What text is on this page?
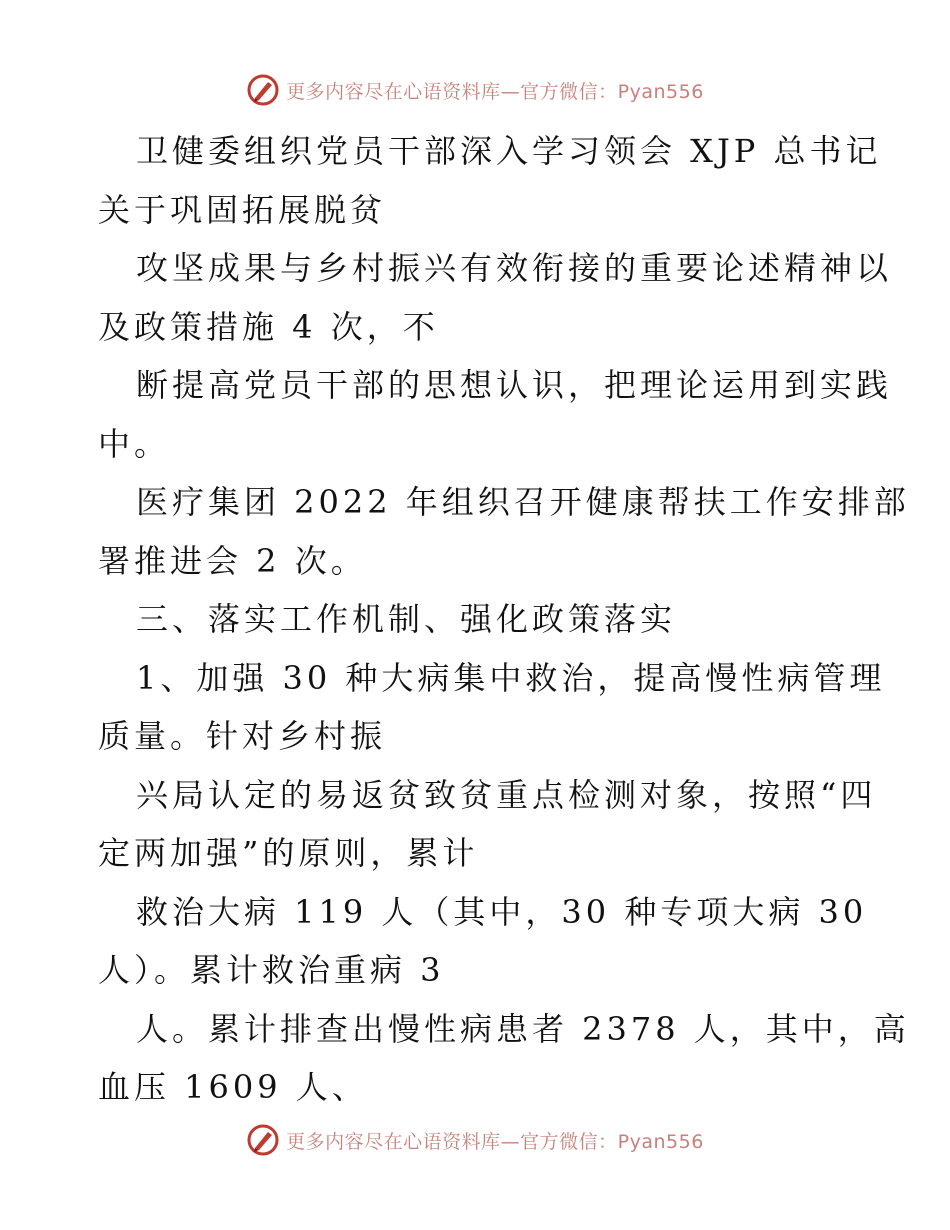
更多内容尽在心语资料库—官方微信：Pyan556

卫健委组织党员干部深入学习领会 XJP 总书记
关于巩固拓展脱贫

攻坚成果与乡村振兴有效衔接的重要论述精神以
及政策措施 4 次，不

断提高党员干部的思想认识，把理论运用到实践
中。

医疗集团 2022 年组织召开健康帮扶工作安排部
署推进会 2 次。

三、落实工作机制、强化政策落实

1、加强 30 种大病集中救治，提高慢性病管理
质量。针对乡村振

兴局认定的易返贫致贫重点检测对象，按照“四
定两加强”的原则，累计

救治大病 119 人（其中，30 种专项大病 30
人）。累计救治重病 3

人。累计排查出慢性病患者 2378 人，其中，高
血压 1609 人、

更多内容尽在心语资料库—官方微信：Pyan556
